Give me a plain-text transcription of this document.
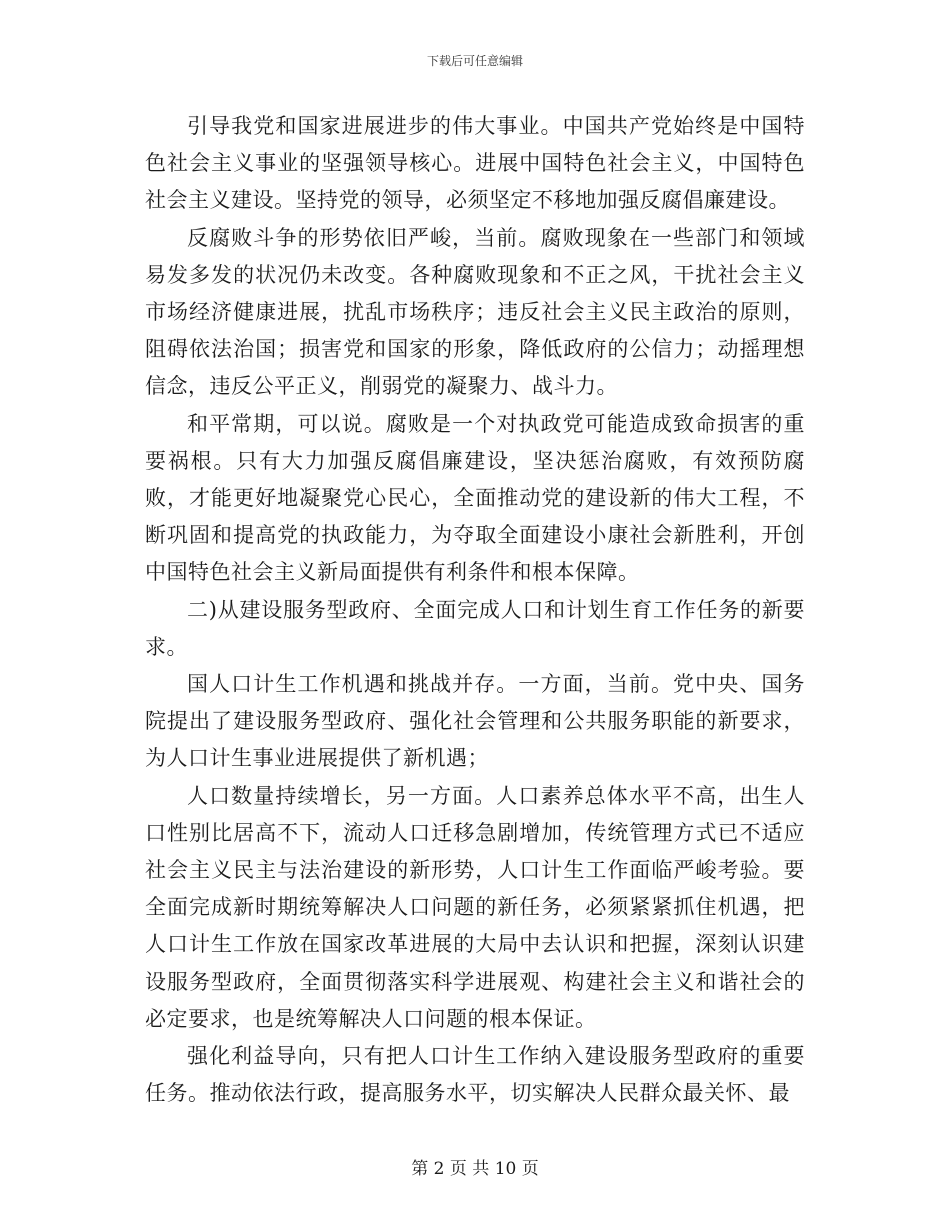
下载后可任意编辑

引导我党和国家进展进步的伟大事业。中国共产党始终是中国特色社会主义事业的坚强领导核心。进展中国特色社会主义，中国特色社会主义建设。坚持党的领导，必须坚定不移地加强反腐倡廉建设。

反腐败斗争的形势依旧严峻，当前。腐败现象在一些部门和领域易发多发的状况仍未改变。各种腐败现象和不正之风，干扰社会主义市场经济健康进展，扰乱市场秩序；违反社会主义民主政治的原则，阻碍依法治国；损害党和国家的形象，降低政府的公信力；动摇理想信念，违反公平正义，削弱党的凝聚力、战斗力。

和平常期，可以说。腐败是一个对执政党可能造成致命损害的重要祸根。只有大力加强反腐倡廉建设，坚决惩治腐败，有效预防腐败，才能更好地凝聚党心民心，全面推动党的建设新的伟大工程，不断巩固和提高党的执政能力，为夺取全面建设小康社会新胜利，开创中国特色社会主义新局面提供有利条件和根本保障。

二)从建设服务型政府、全面完成人口和计划生育工作任务的新要求。

国人口计生工作机遇和挑战并存。一方面，当前。党中央、国务院提出了建设服务型政府、强化社会管理和公共服务职能的新要求，为人口计生事业进展提供了新机遇；

人口数量持续增长，另一方面。人口素养总体水平不高，出生人口性别比居高不下，流动人口迁移急剧增加，传统管理方式已不适应社会主义民主与法治建设的新形势，人口计生工作面临严峻考验。要全面完成新时期统筹解决人口问题的新任务，必须紧紧抓住机遇，把人口计生工作放在国家改革进展的大局中去认识和把握，深刻认识建设服务型政府，全面贯彻落实科学进展观、构建社会主义和谐社会的必定要求，也是统筹解决人口问题的根本保证。

强化利益导向，只有把人口计生工作纳入建设服务型政府的重要任务。推动依法行政，提高服务水平，切实解决人民群众最关怀、最

第 2 页 共 10 页
